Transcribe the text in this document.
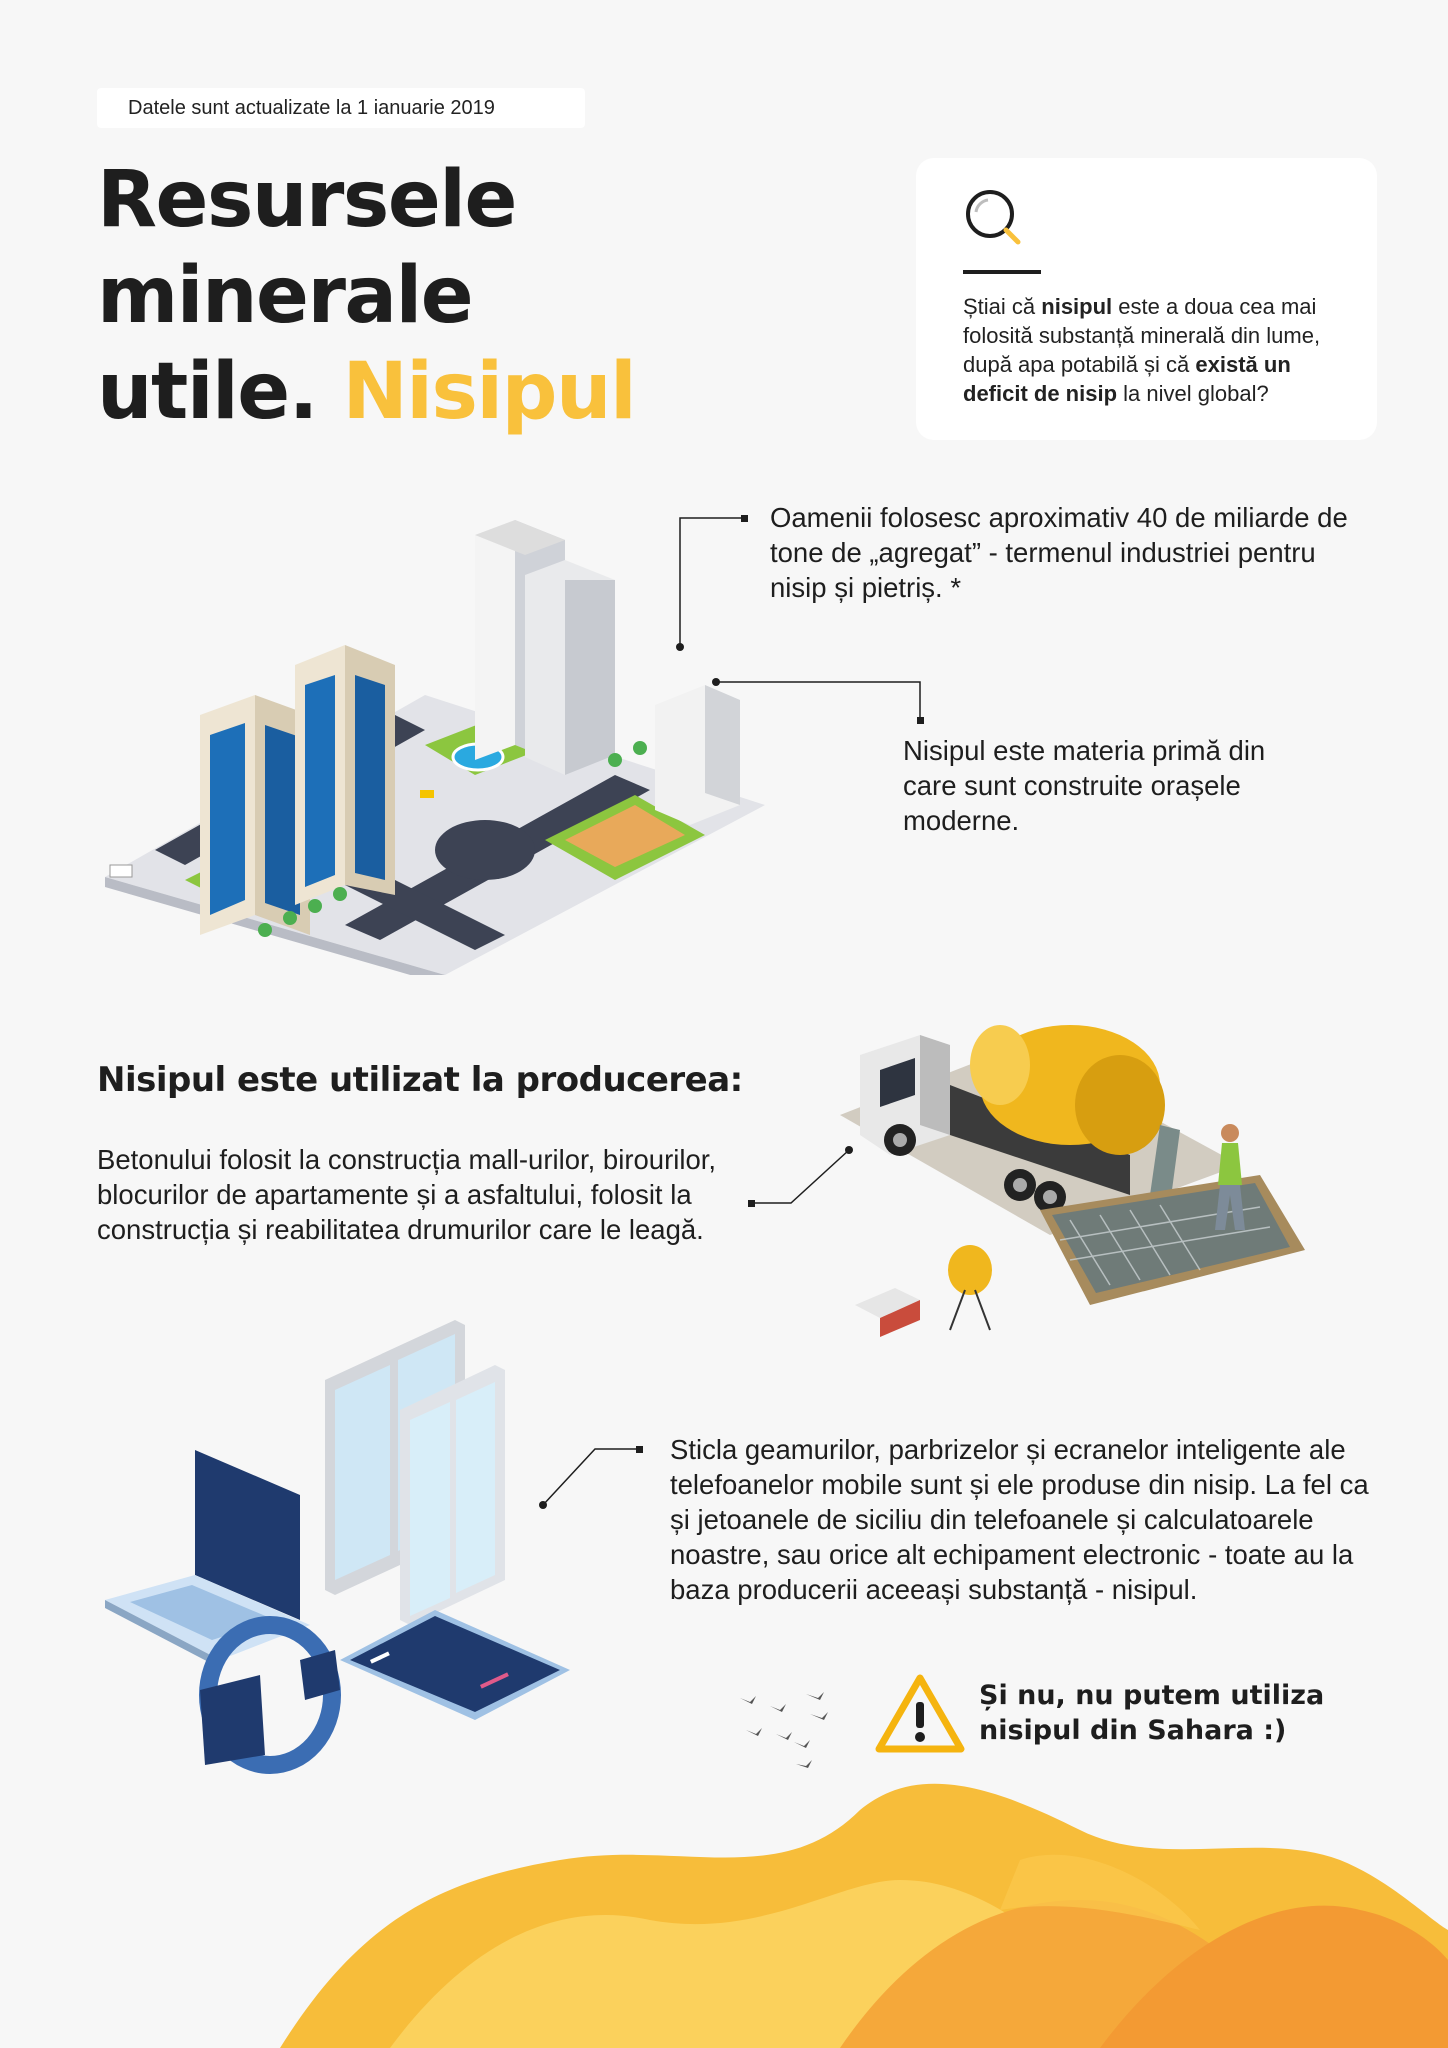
Datele sunt actualizate la 1 ianuarie 2019
Resursele minerale
utile. Nisipul
Știai că nisipul este a doua cea mai folosită substanță minerală din lume, după apa potabilă și că există un deficit de nisip la nivel global?
Oamenii folosesc aproximativ 40 de miliarde de tone de „agregat” - termenul industriei pentru nisip și pietriș. *
Nisipul este materia primă din care sunt construite orașele moderne.
Nisipul este utilizat la producerea:
Betonului folosit la construcția mall-urilor, birourilor, blocurilor de apartamente și a asfaltului, folosit la construcția și reabilitatea drumurilor care le leagă.
Sticla geamurilor, parbrizelor și ecranelor inteligente ale telefoanelor mobile sunt și ele produse din nisip. La fel ca și jetoanele de siciliu din telefoanele și calculatoarele noastre, sau orice alt echipament electronic - toate au la baza producerii aceeași substanță - nisipul.
Și nu, nu putem utiliza nisipul din Sahara :)
